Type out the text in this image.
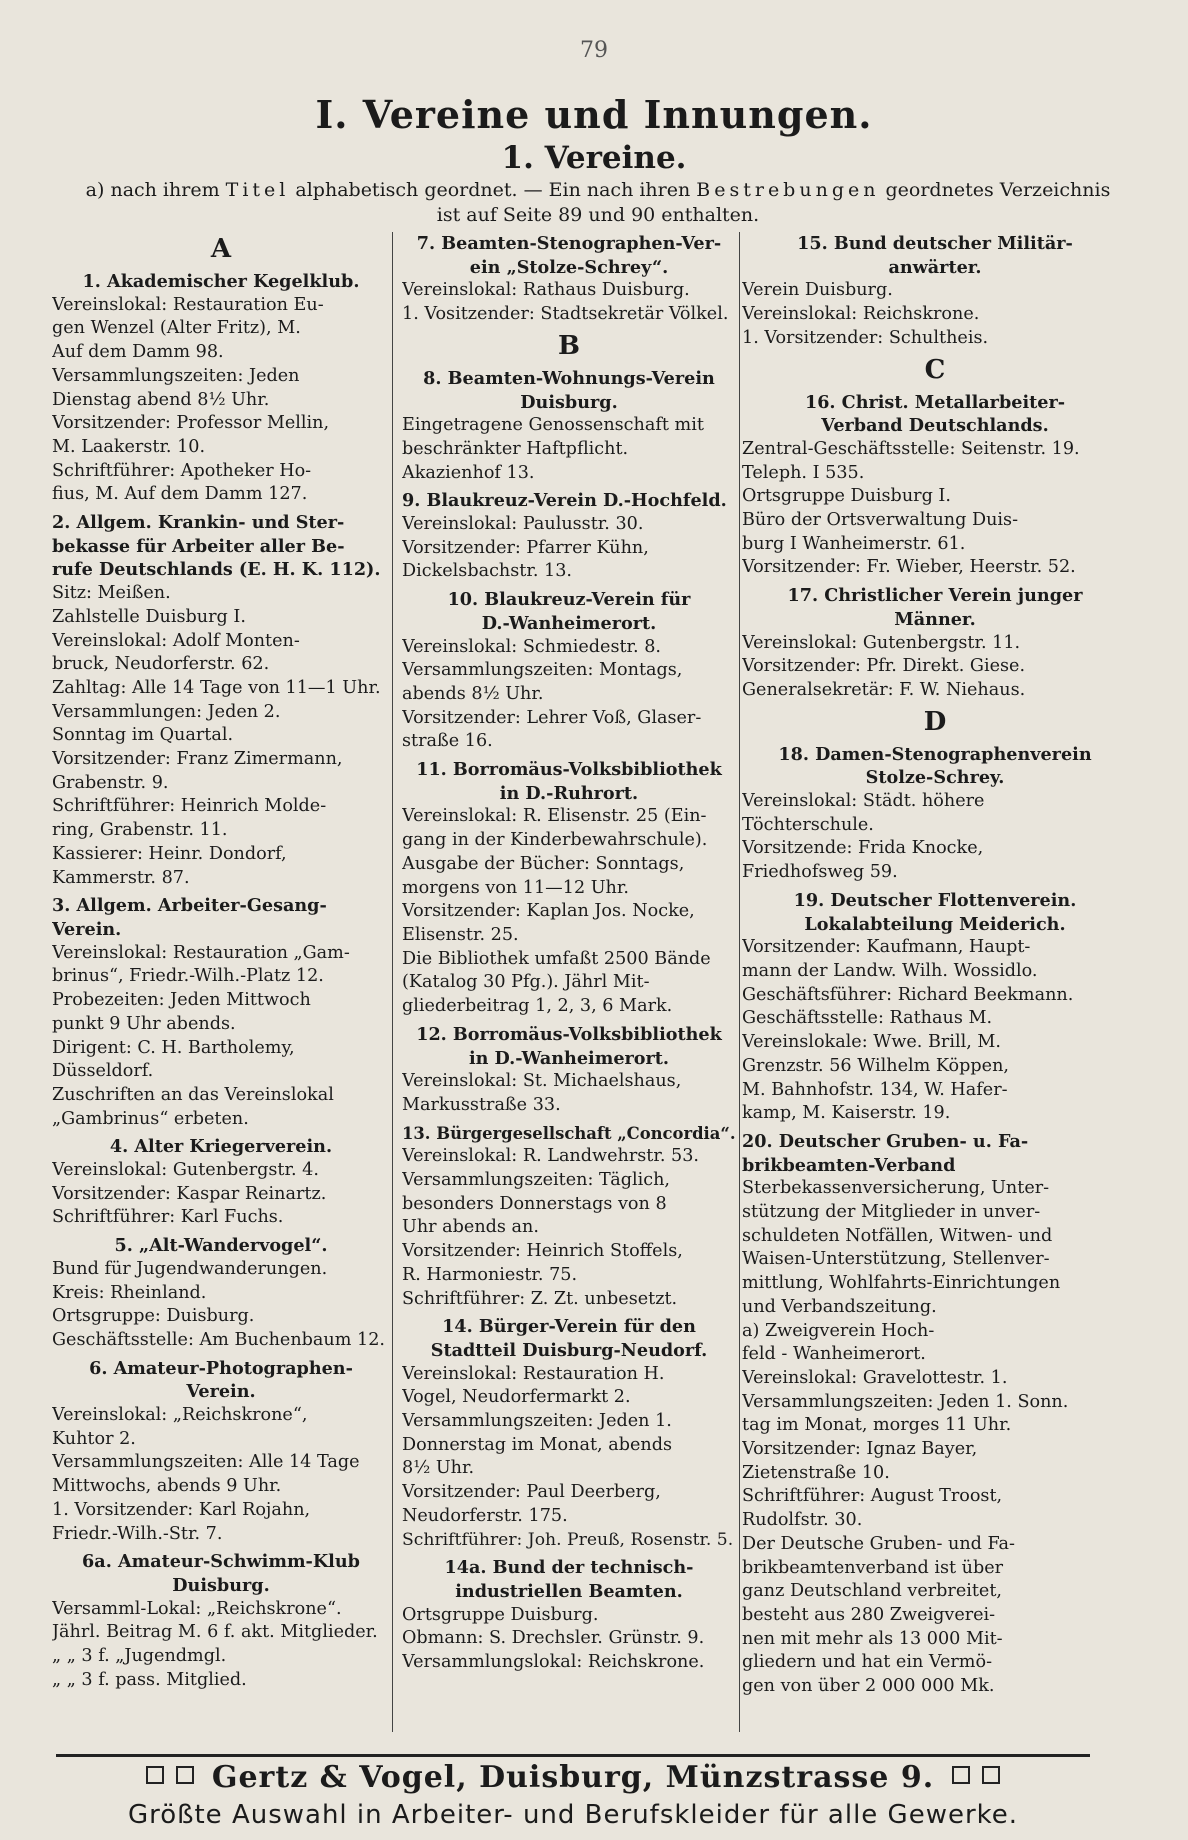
79
I. Vereine und Innungen.
1. Vereine.
a) nach ihrem Titel alphabetisch geordnet. — Ein nach ihren Bestrebungen geordnetes Verzeichnis
ist auf Seite 89 und 90 enthalten.
A
1. Akademischer Kegelklub.
Vereinslokal: Restauration Eu-
gen Wenzel (Alter Fritz), M.
Auf dem Damm 98.
Versammlungszeiten: Jeden
Dienstag abend 8½ Uhr.
Vorsitzender: Professor Mellin,
M. Laakerstr. 10.
Schriftführer: Apotheker Ho-
fius, M. Auf dem Damm 127.
2. Allgem. Krankin- und Ster-
bekasse für Arbeiter aller Be-
rufe Deutschlands (E. H. K. 112).
Sitz: Meißen.
Zahlstelle Duisburg I.
Vereinslokal: Adolf Monten-
bruck, Neudorferstr. 62.
Zahltag: Alle 14 Tage von 11—1 Uhr.
Versammlungen: Jeden 2.
Sonntag im Quartal.
Vorsitzender: Franz Zimermann,
Grabenstr. 9.
Schriftführer: Heinrich Molde-
ring, Grabenstr. 11.
Kassierer: Heinr. Dondorf,
Kammerstr. 87.
3. Allgem. Arbeiter-Gesang-
Verein.
Vereinslokal: Restauration „Gam-
brinus“, Friedr.-Wilh.-Platz 12.
Probezeiten: Jeden Mittwoch
punkt 9 Uhr abends.
Dirigent: C. H. Bartholemy,
Düsseldorf.
Zuschriften an das Vereinslokal
„Gambrinus“ erbeten.
4. Alter Kriegerverein.
Vereinslokal: Gutenbergstr. 4.
Vorsitzender: Kaspar Reinartz.
Schriftführer: Karl Fuchs.
5. „Alt-Wandervogel“.
Bund für Jugendwanderungen.
Kreis: Rheinland.
Ortsgruppe: Duisburg.
Geschäftsstelle: Am Buchenbaum 12.
6. Amateur-Photographen-
Verein.
Vereinslokal: „Reichskrone“,
Kuhtor 2.
Versammlungszeiten: Alle 14 Tage
Mittwochs, abends 9 Uhr.
1. Vorsitzender: Karl Rojahn,
Friedr.-Wilh.-Str. 7.
6a. Amateur-Schwimm-Klub
Duisburg.
Versamml-Lokal: „Reichskrone“.
Jährl. Beitrag M. 6 f. akt. Mitglieder.
„ „ 3 f. „Jugendmgl.
„ „ 3 f. pass. Mitglied.
7. Beamten-Stenographen-Ver-
ein „Stolze-Schrey“.
Vereinslokal: Rathaus Duisburg.
1. Vositzender: Stadtsekretär Völkel.
B
8. Beamten-Wohnungs-Verein
Duisburg.
Eingetragene Genossenschaft mit
beschränkter Haftpflicht.
Akazienhof 13.
9. Blaukreuz-Verein D.-Hochfeld.
Vereinslokal: Paulusstr. 30.
Vorsitzender: Pfarrer Kühn,
Dickelsbachstr. 13.
10. Blaukreuz-Verein für
D.-Wanheimerort.
Vereinslokal: Schmiedestr. 8.
Versammlungszeiten: Montags,
abends 8½ Uhr.
Vorsitzender: Lehrer Voß, Glaser-
straße 16.
11. Borromäus-Volksbibliothek
in D.-Ruhrort.
Vereinslokal: R. Elisenstr. 25 (Ein-
gang in der Kinderbewahrschule).
Ausgabe der Bücher: Sonntags,
morgens von 11—12 Uhr.
Vorsitzender: Kaplan Jos. Nocke,
Elisenstr. 25.
Die Bibliothek umfaßt 2500 Bände
(Katalog 30 Pfg.). Jährl Mit-
gliederbeitrag 1, 2, 3, 6 Mark.
12. Borromäus-Volksbibliothek
in D.-Wanheimerort.
Vereinslokal: St. Michaelshaus,
Markusstraße 33.
13. Bürgergesellschaft „Concordia“.
Vereinslokal: R. Landwehrstr. 53.
Versammlungszeiten: Täglich,
besonders Donnerstags von 8
Uhr abends an.
Vorsitzender: Heinrich Stoffels,
R. Harmoniestr. 75.
Schriftführer: Z. Zt. unbesetzt.
14. Bürger-Verein für den
Stadtteil Duisburg-Neudorf.
Vereinslokal: Restauration H.
Vogel, Neudorfermarkt 2.
Versammlungszeiten: Jeden 1.
Donnerstag im Monat, abends
8½ Uhr.
Vorsitzender: Paul Deerberg,
Neudorferstr. 175.
Schriftführer: Joh. Preuß, Rosenstr. 5.
14a. Bund der technisch-
industriellen Beamten.
Ortsgruppe Duisburg.
Obmann: S. Drechsler. Grünstr. 9.
Versammlungslokal: Reichskrone.
15. Bund deutscher Militär-
anwärter.
Verein Duisburg.
Vereinslokal: Reichskrone.
1. Vorsitzender: Schultheis.
C
16. Christ. Metallarbeiter-
Verband Deutschlands.
Zentral-Geschäftsstelle: Seitenstr. 19.
Teleph. I 535.
Ortsgruppe Duisburg I.
Büro der Ortsverwaltung Duis-
burg I Wanheimerstr. 61.
Vorsitzender: Fr. Wieber, Heerstr. 52.
17. Christlicher Verein junger
Männer.
Vereinslokal: Gutenbergstr. 11.
Vorsitzender: Pfr. Direkt. Giese.
Generalsekretär: F. W. Niehaus.
D
18. Damen-Stenographenverein
Stolze-Schrey.
Vereinslokal: Städt. höhere
Töchterschule.
Vorsitzende: Frida Knocke,
Friedhofsweg 59.
19. Deutscher Flottenverein.
Lokalabteilung Meiderich.
Vorsitzender: Kaufmann, Haupt-
mann der Landw. Wilh. Wossidlo.
Geschäftsführer: Richard Beekmann.
Geschäftsstelle: Rathaus M.
Vereinslokale: Wwe. Brill, M.
Grenzstr. 56 Wilhelm Köppen,
M. Bahnhofstr. 134, W. Hafer-
kamp, M. Kaiserstr. 19.
20. Deutscher Gruben- u. Fa-
brikbeamten-Verband
Sterbekassenversicherung, Unter-
stützung der Mitglieder in unver-
schuldeten Notfällen, Witwen- und
Waisen-Unterstützung, Stellenver-
mittlung, Wohlfahrts-Einrichtungen
und Verbandszeitung.
a) Zweigverein Hoch-
feld - Wanheimerort.
Vereinslokal: Gravelottestr. 1.
Versammlungszeiten: Jeden 1. Sonn.
tag im Monat, morges 11 Uhr.
Vorsitzender: Ignaz Bayer,
Zietenstraße 10.
Schriftführer: August Troost,
Rudolfstr. 30.
Der Deutsche Gruben- und Fa-
brikbeamtenverband ist über
ganz Deutschland verbreitet,
besteht aus 280 Zweigverei-
nen mit mehr als 13 000 Mit-
gliedern und hat ein Vermö-
gen von über 2 000 000 Mk.
Gertz & Vogel, Duisburg, Münzstrasse 9.
Größte Auswahl in Arbeiter- und Berufskleider für alle Gewerke.
